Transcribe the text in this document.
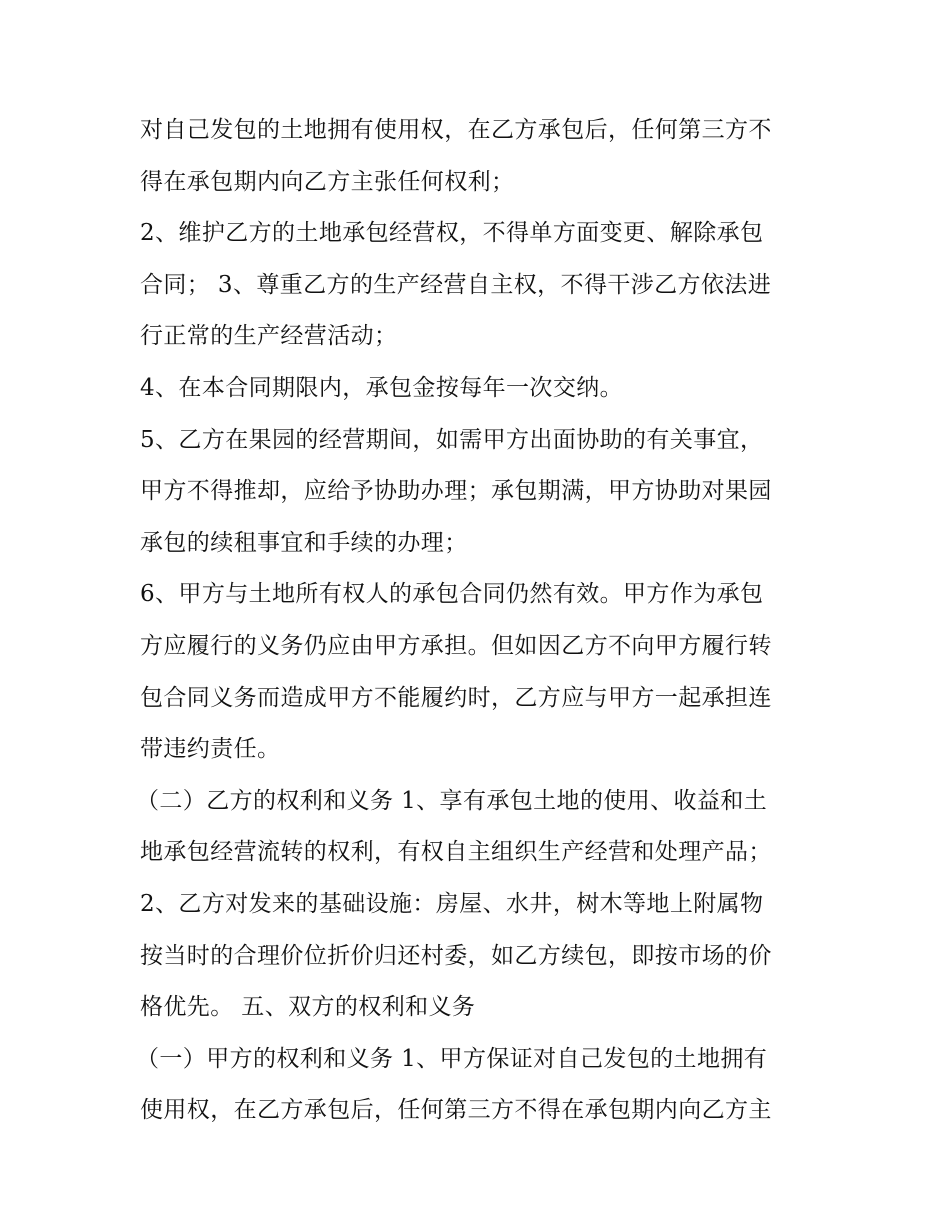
对自己发包的土地拥有使用权，在乙方承包后，任何第三方不
得在承包期内向乙方主张任何权利；
2、维护乙方的土地承包经营权，不得单方面变更、解除承包
合同； 3、尊重乙方的生产经营自主权，不得干涉乙方依法进
行正常的生产经营活动；
4、在本合同期限内，承包金按每年一次交纳。
5、乙方在果园的经营期间，如需甲方出面协助的有关事宜，
甲方不得推却，应给予协助办理；承包期满，甲方协助对果园
承包的续租事宜和手续的办理；
6、甲方与土地所有权人的承包合同仍然有效。甲方作为承包
方应履行的义务仍应由甲方承担。但如因乙方不向甲方履行转
包合同义务而造成甲方不能履约时，乙方应与甲方一起承担连
带违约责任。
（二）乙方的权利和义务 1、享有承包土地的使用、收益和土
地承包经营流转的权利，有权自主组织生产经营和处理产品；
2、乙方对发来的基础设施：房屋、水井，树木等地上附属物
按当时的合理价位折价归还村委，如乙方续包，即按市场的价
格优先。 五、双方的权利和义务
（一）甲方的权利和义务 1、甲方保证对自己发包的土地拥有
使用权，在乙方承包后，任何第三方不得在承包期内向乙方主
